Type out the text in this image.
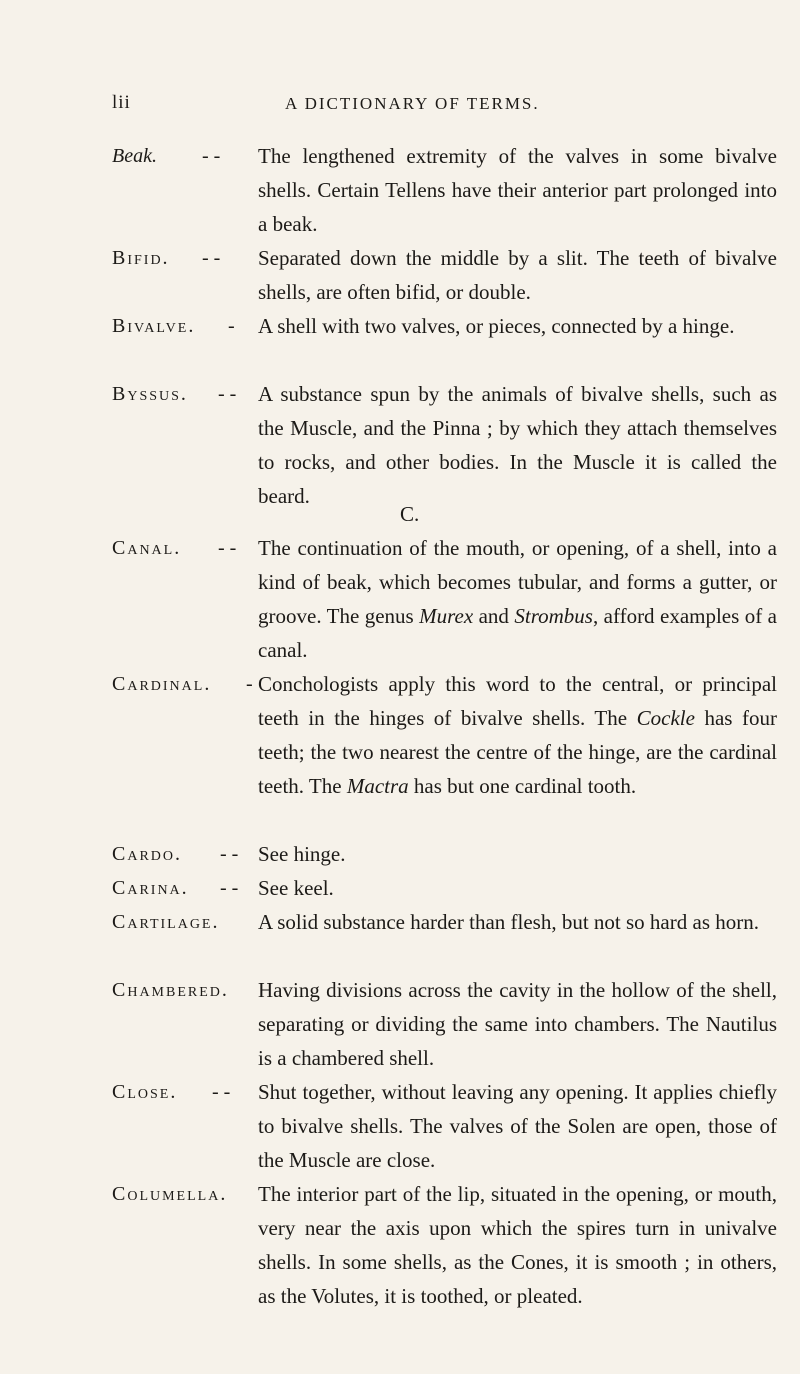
lii	A DICTIONARY OF TERMS.
Beak.	- - The lengthened extremity of the valves in some bivalve shells. Certain Tellens have their anterior part prolonged into a beak.
Bifid.	- - Separated down the middle by a slit. The teeth of bivalve shells, are often bifid, or double.
Bivalve.	- A shell with two valves, or pieces, connected by a hinge.
Byssus.	- - A substance spun by the animals of bivalve shells, such as the Muscle, and the Pinna ; by which they attach themselves to rocks, and other bodies. In the Muscle it is called the beard.
C.
Canal.	- - The continuation of the mouth, or opening, of a shell, into a kind of beak, which becomes tubular, and forms a gutter, or groove. The genus Murex and Strombus, afford examples of a canal.
Cardinal.	- Conchologists apply this word to the central, or principal teeth in the hinges of bivalve shells. The Cockle has four teeth; the two nearest the centre of the hinge, are the cardinal teeth. The Mactra has but one cardinal tooth.
Cardo.	- - See hinge.
Carina.	- - See keel.
Cartilage.	A solid substance harder than flesh, but not so hard as horn.
Chambered.	Having divisions across the cavity in the hollow of the shell, separating or dividing the same into chambers. The Nautilus is a chambered shell.
Close.	- - Shut together, without leaving any opening. It applies chiefly to bivalve shells. The valves of the Solen are open, those of the Muscle are close.
Columella.	The interior part of the lip, situated in the opening, or mouth, very near the axis upon which the spires turn in univalve shells. In some shells, as the Cones, it is smooth ; in others, as the Volutes, it is toothed, or pleated.
